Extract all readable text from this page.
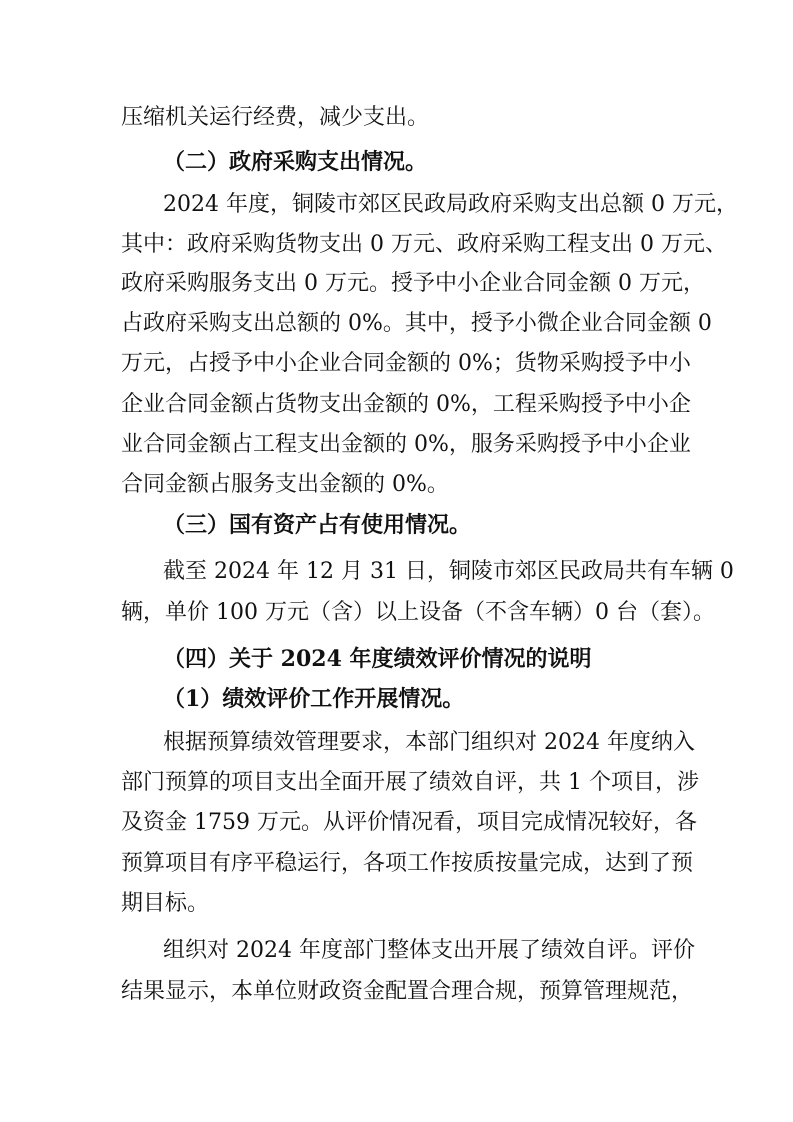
压缩机关运行经费，减少支出。
（二）政府采购支出情况。
2024 年度，铜陵市郊区民政局政府采购支出总额 0 万元，
其中：政府采购货物支出 0 万元、政府采购工程支出 0 万元、
政府采购服务支出 0 万元。授予中小企业合同金额 0 万元，
占政府采购支出总额的 0%。其中，授予小微企业合同金额 0
万元，占授予中小企业合同金额的 0%；货物采购授予中小
企业合同金额占货物支出金额的 0%，工程采购授予中小企
业合同金额占工程支出金额的 0%，服务采购授予中小企业
合同金额占服务支出金额的 0%。
（三）国有资产占有使用情况。
截至 2024 年 12 月 31 日，铜陵市郊区民政局共有车辆 0
辆，单价 100 万元（含）以上设备（不含车辆）0 台（套）。
（四）关于 2024 年度绩效评价情况的说明
（1）绩效评价工作开展情况。
根据预算绩效管理要求，本部门组织对 2024 年度纳入
部门预算的项目支出全面开展了绩效自评，共 1 个项目，涉
及资金 1759 万元。从评价情况看，项目完成情况较好，各
预算项目有序平稳运行，各项工作按质按量完成，达到了预
期目标。
组织对 2024 年度部门整体支出开展了绩效自评。评价
结果显示，本单位财政资金配置合理合规，预算管理规范，
